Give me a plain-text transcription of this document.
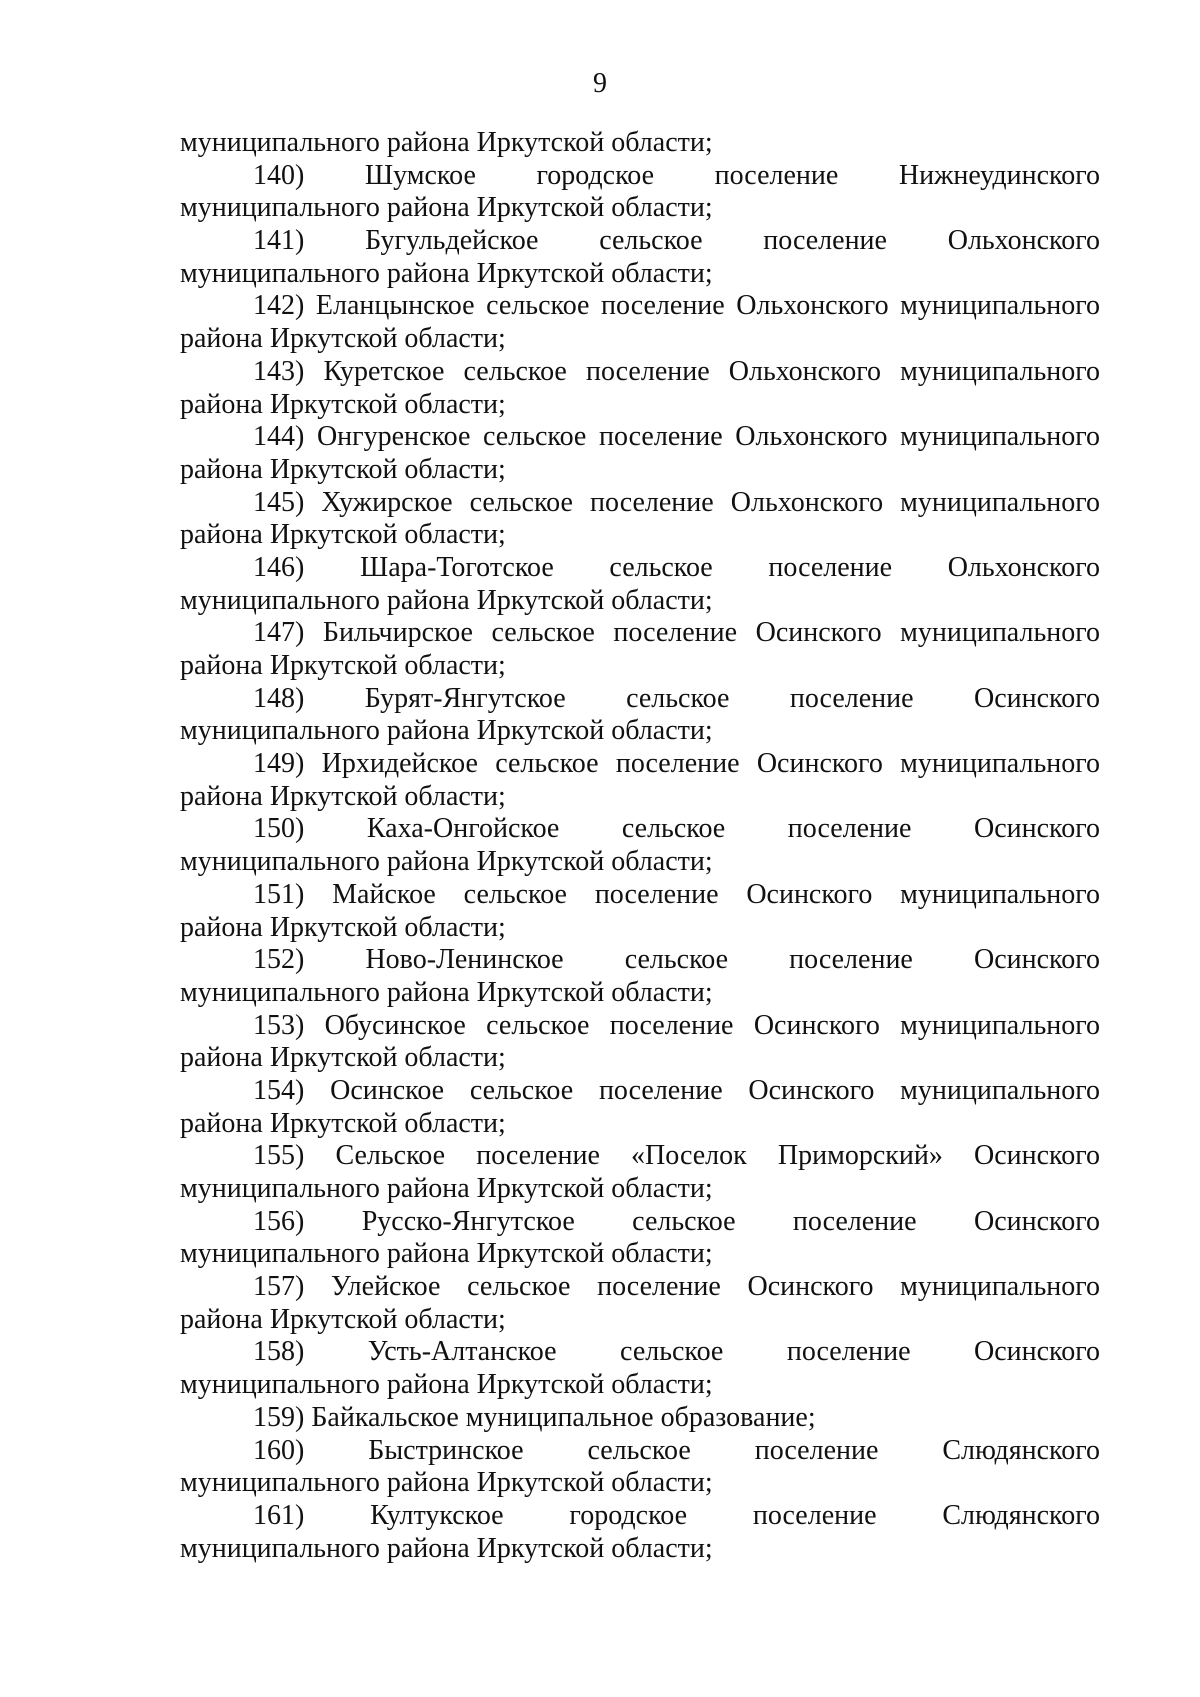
9
муниципального района Иркутской области;
140) Шумское городское поселение Нижнеудинского
муниципального района Иркутской области;
141) Бугульдейское сельское поселение Ольхонского
муниципального района Иркутской области;
142) Еланцынское сельское поселение Ольхонского муниципального
района Иркутской области;
143) Куретское сельское поселение Ольхонского муниципального
района Иркутской области;
144) Онгуренское сельское поселение Ольхонского муниципального
района Иркутской области;
145) Хужирское сельское поселение Ольхонского муниципального
района Иркутской области;
146) Шара-Тоготское сельское поселение Ольхонского
муниципального района Иркутской области;
147) Бильчирское сельское поселение Осинского муниципального
района Иркутской области;
148) Бурят-Янгутское сельское поселение Осинского
муниципального района Иркутской области;
149) Ирхидейское сельское поселение Осинского муниципального
района Иркутской области;
150) Каха-Онгойское сельское поселение Осинского
муниципального района Иркутской области;
151) Майское сельское поселение Осинского муниципального
района Иркутской области;
152) Ново-Ленинское сельское поселение Осинского
муниципального района Иркутской области;
153) Обусинское сельское поселение Осинского муниципального
района Иркутской области;
154) Осинское сельское поселение Осинского муниципального
района Иркутской области;
155) Сельское поселение «Поселок Приморский» Осинского
муниципального района Иркутской области;
156) Русско-Янгутское сельское поселение Осинского
муниципального района Иркутской области;
157) Улейское сельское поселение Осинского муниципального
района Иркутской области;
158) Усть-Алтанское сельское поселение Осинского
муниципального района Иркутской области;
159) Байкальское муниципальное образование;
160) Быстринское сельское поселение Слюдянского
муниципального района Иркутской области;
161) Култукское городское поселение Слюдянского
муниципального района Иркутской области;
